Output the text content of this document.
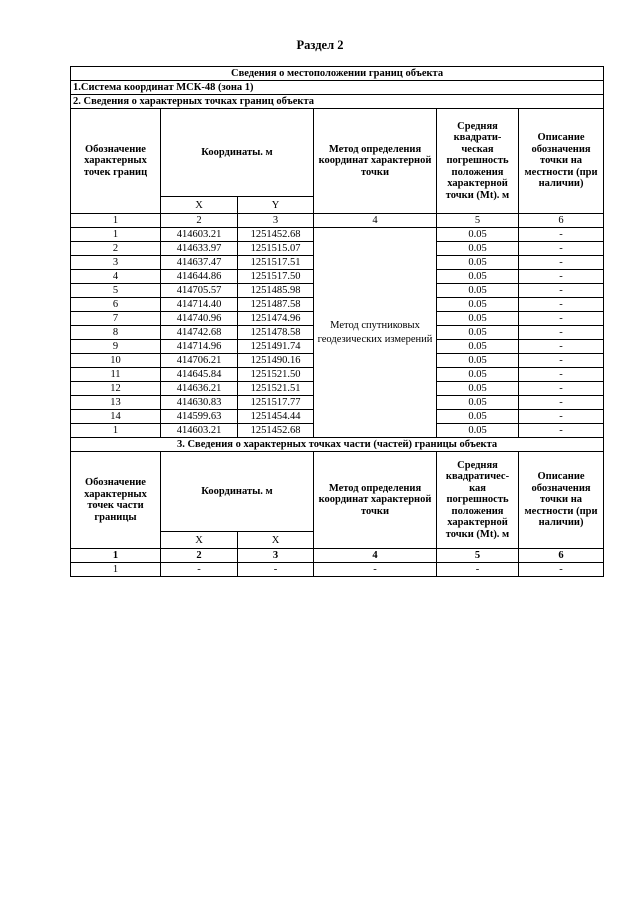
Раздел 2
Сведения о местоположении границ объекта					
1.Система координат МСК-48 (зона 1)					
2. Сведения о характерных точках границ объекта					
Обозначение характерных точек границ	Координаты. м		Метод определения координат характерной точки	Средняя квадрати-ческая погрешность положения характерной точки (Mt). м	Описание обозначения точки на местности (при наличии)
	X	Y			
1	2	3	4	5	6
1	414603.21	1251452.68	Метод спутниковых геодезических измерений	0.05	-
2	414633.97	1251515.07		0.05	-
3	414637.47	1251517.51		0.05	-
4	414644.86	1251517.50		0.05	-
5	414705.57	1251485.98		0.05	-
6	414714.40	1251487.58		0.05	-
7	414740.96	1251474.96		0.05	-
8	414742.68	1251478.58		0.05	-
9	414714.96	1251491.74		0.05	-
10	414706.21	1251490.16		0.05	-
11	414645.84	1251521.50		0.05	-
12	414636.21	1251521.51		0.05	-
13	414630.83	1251517.77		0.05	-
14	414599.63	1251454.44		0.05	-
1	414603.21	1251452.68		0.05	-
3. Сведения о характерных точках части (частей) границы объекта					
Обозначение характерных точек части границы	Координаты. м		Метод определения координат характерной точки	Средняя квадратичес-кая погрешность положения характерной точки (Mt). м	Описание обозначения точки на местности (при наличии)
	X	X			
1	2	3	4	5	6
1	-	-	-	-	-
